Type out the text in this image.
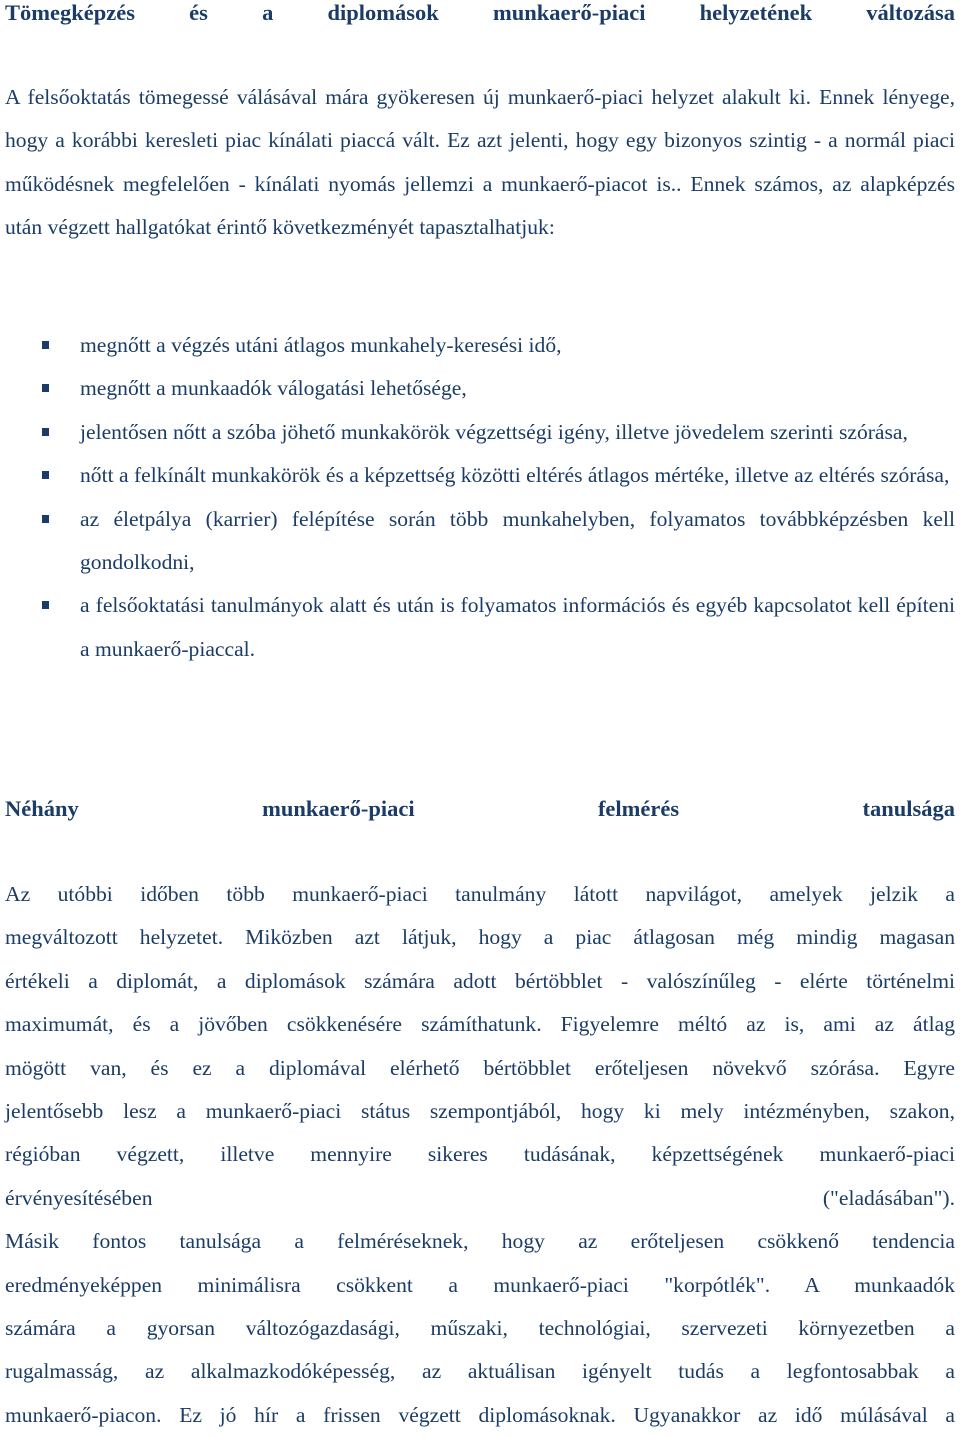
Tömegképzés és a diplomások munkaerő-piaci helyzetének változása

A felsőoktatás tömegessé válásával mára gyökeresen új munkaerő-piaci helyzet alakult ki. Ennek lényege, hogy a korábbi keresleti piac kínálati piaccá vált. Ez azt jelenti, hogy egy bizonyos szintig - a normál piaci működésnek megfelelően - kínálati nyomás jellemzi a munkaerő-piacot is.. Ennek számos, az alapképzés után végzett hallgatókat érintő következményét tapasztalhatjuk:

megnőtt a végzés utáni átlagos munkahely-keresési idő,
megnőtt a munkaadók válogatási lehetősége,
jelentősen nőtt a szóba jöhető munkakörök végzettségi igény, illetve jövedelem szerinti szórása,
nőtt a felkínált munkakörök és a képzettség közötti eltérés átlagos mértéke, illetve az eltérés szórása,
az életpálya (karrier) felépítése során több munkahelyben, folyamatos továbbképzésben kell gondolkodni,
a felsőoktatási tanulmányok alatt és után is folyamatos információs és egyéb kapcsolatot kell építeni a munkaerő-piaccal.
Néhány munkaerő-piaci felmérés tanulsága

Az utóbbi időben több munkaerő-piaci tanulmány látott napvilágot, amelyek jelzik a
megváltozott helyzetet. Miközben azt látjuk, hogy a piac átlagosan még mindig magasan
értékeli a diplomát, a diplomások számára adott bértöbblet - valószínűleg - elérte történelmi
maximumát, és a jövőben csökkenésére számíthatunk. Figyelemre méltó az is, ami az átlag
mögött van, és ez a diplomával elérhető bértöbblet erőteljesen növekvő szórása. Egyre
jelentősebb lesz a munkaerő-piaci státus szempontjából, hogy ki mely intézményben, szakon,
régióban végzett, illetve mennyire sikeres tudásának, képzettségének munkaerő-piaci
érvényesítésében ("eladásában").
Másik fontos tanulsága a felméréseknek, hogy az erőteljesen csökkenő tendencia
eredményeképpen minimálisra csökkent a munkaerő-piaci "korpótlék". A munkaadók
számára a gyorsan változógazdasági, műszaki, technológiai, szervezeti környezetben a
rugalmasság, az alkalmazkodóképesség, az aktuálisan igényelt tudás a legfontosabbak a
munkaerő-piacon. Ez jó hír a frissen végzett diplomásoknak. Ugyanakkor az idő múlásával a
